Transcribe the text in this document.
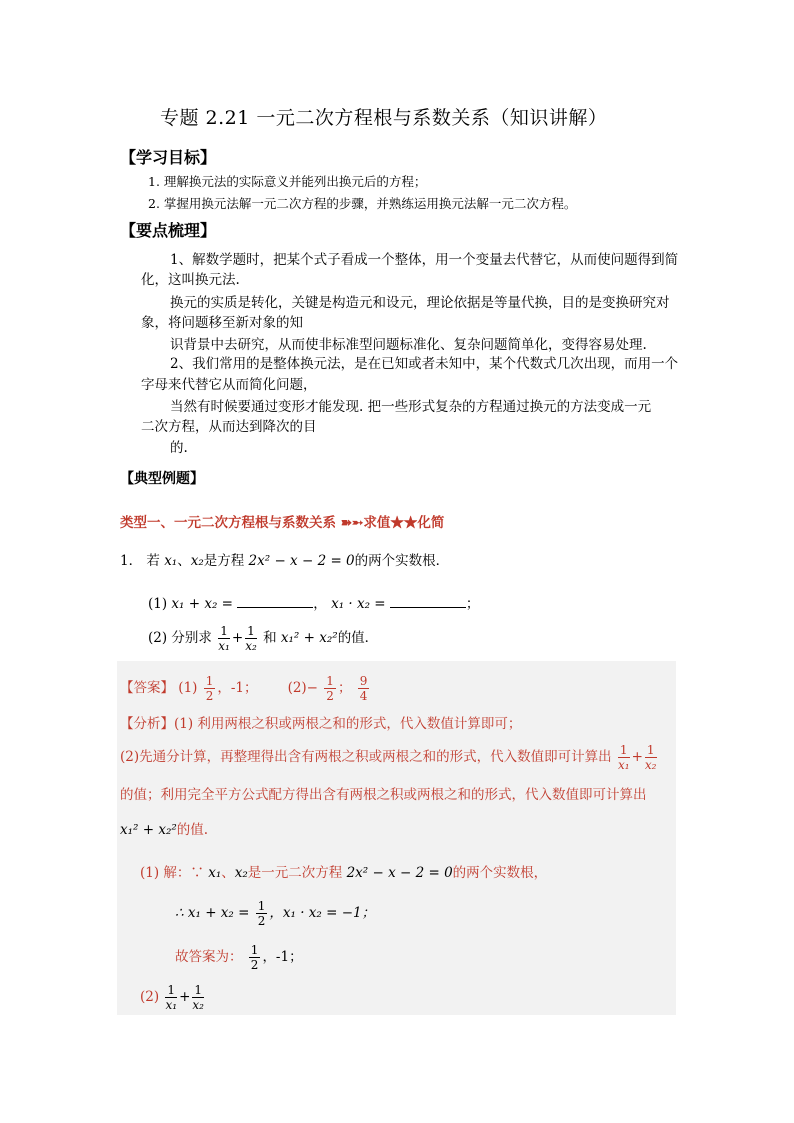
专题 2.21 一元二次方程根与系数关系（知识讲解）
【学习目标】
1. 理解换元法的实际意义并能列出换元后的方程；
2. 掌握用换元法解一元二次方程的步骤，并熟练运用换元法解一元二次方程。
【要点梳理】
1、解数学题时，把某个式子看成一个整体，用一个变量去代替它，从而使问题得到简
化，这叫换元法.
换元的实质是转化，关键是构造元和设元，理论依据是等量代换，目的是变换研究对
象，将问题移至新对象的知
识背景中去研究，从而使非标准型问题标准化、复杂问题简单化，变得容易处理.
2、我们常用的是整体换元法，是在已知或者未知中，某个代数式几次出现，而用一个
字母来代替它从而简化问题，
当然有时候要通过变形才能发现. 把一些形式复杂的方程通过换元的方法变成一元
二次方程，从而达到降次的目
的.
【典型例题】
类型一、一元二次方程根与系数关系 ➽➵求值★★化简
1． 若 x₁、x₂是方程 2x² − x − 2 = 0的两个实数根．
(1) x₁ + x₂ =	， x₁ · x₂ =	；
(2) 分别求 $\frac{1}{\text{x₁}} + \frac{1}{\text{x₂}}$ 和 x₁² + x₂²的值．
【答案】 $(1) \frac{1}{2}$ ，-1； $(2)- \frac{1}{2}$ ； $\frac{9}{4}$
【分析】(1) 利用两根之积或两根之和的形式，代入数值计算即可；
(2)先通分计算，再整理得出含有两根之积或两根之和的形式，代入数值即可计算出 $\frac{1}{\text{x₁}} + \frac{1}{\text{x₂}}$
的值；利用完全平方公式配方得出含有两根之积或两根之和的形式，代入数值即可计算出
x₁² + x₂²的值.
(1) 解：∵ x₁、x₂是一元二次方程 2x² − x − 2 = 0的两个实数根，
∴ $x_1 + x_2 = \frac{1}{2}$ ，x₁ · x₂ = −1；
故答案为： $\frac{1}{2}$ ，-1；
$(2) \frac{1}{\text{x₁}} + \frac{1}{\text{x₂}}$
